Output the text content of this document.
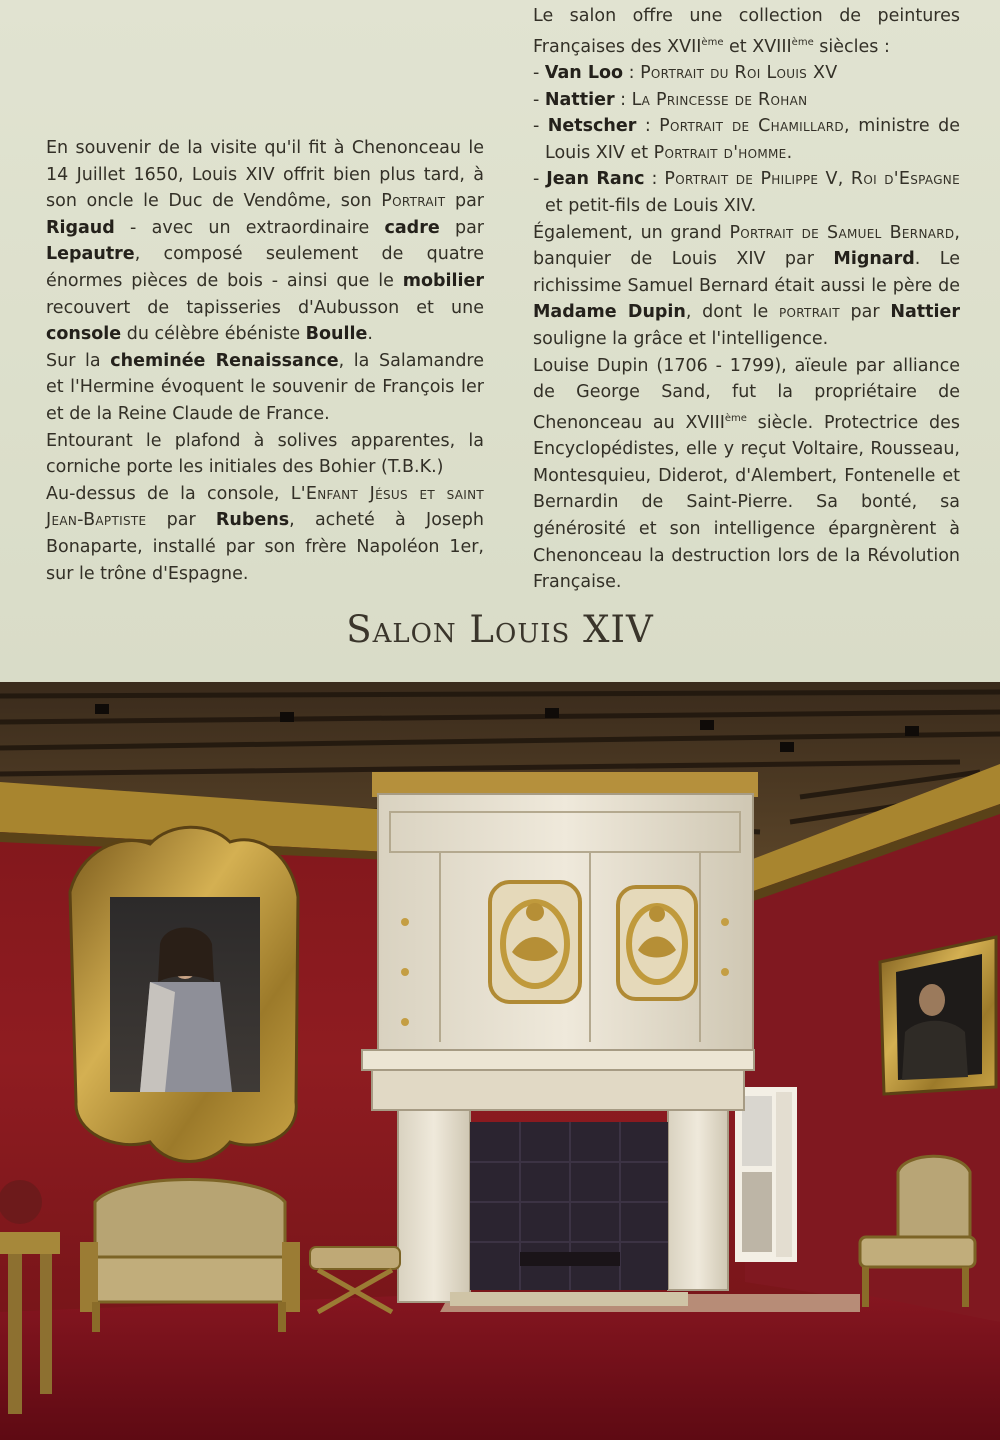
En souvenir de la visite qu'il fit à Chenonceau le 14 Juillet 1650, Louis XIV offrit bien plus tard, à son oncle le Duc de Vendôme, son Portrait par Rigaud - avec un extraordinaire cadre par Lepautre, composé seulement de quatre énormes pièces de bois - ainsi que le mobilier recouvert de tapisseries d'Aubusson et une console du célèbre ébéniste Boulle.

Sur la cheminée Renaissance, la Salamandre et l'Hermine évoquent le souvenir de François Ier et de la Reine Claude de France.

Entourant le plafond à solives apparentes, la corniche porte les initiales des Bohier (T.B.K.)

Au-dessus de la console, L'Enfant Jésus et saint Jean-Baptiste par Rubens, acheté à Joseph Bonaparte, installé par son frère Napoléon 1er, sur le trône d'Espagne.

Le salon offre une collection de peintures Françaises des XVIIème et XVIIIème siècles :

- Van Loo : Portrait du Roi Louis XV

- Nattier : La Princesse de Rohan

- Netscher : Portrait de Chamillard, ministre de Louis XIV et Portrait d'homme.

- Jean Ranc : Portrait de Philippe V, Roi d'Espagne et petit-fils de Louis XIV.

Également, un grand Portrait de Samuel Bernard, banquier de Louis XIV par Mignard. Le richissime Samuel Bernard était aussi le père de Madame Dupin, dont le portrait par Nattier souligne la grâce et l'intelligence.

Louise Dupin (1706 - 1799), aïeule par alliance de George Sand, fut la propriétaire de Chenonceau au XVIIIème siècle. Protectrice des Encyclopédistes, elle y reçut Voltaire, Rousseau, Montesquieu, Diderot, d'Alembert, Fontenelle et Bernardin de Saint-Pierre. Sa bonté, sa générosité et son intelligence épargnèrent à Chenonceau la destruction lors de la Révolution Française.

Salon Louis XIV
